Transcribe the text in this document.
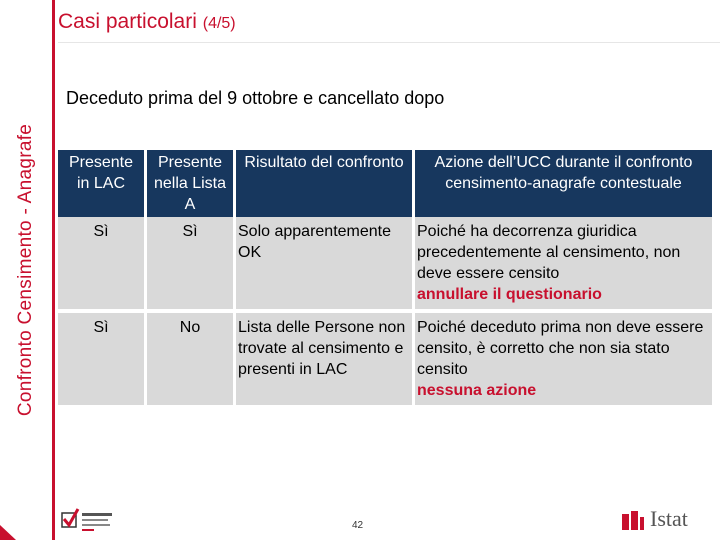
Confronto Censimento - Anagrafe
Casi particolari (4/5)
Deceduto prima del 9 ottobre e cancellato dopo
Presente in LAC	Presente nella Lista A	Risultato del confronto	Azione dell’UCC durante il confronto censimento-anagrafe contestuale
Sì	Sì	Solo apparentemente OK	Poiché ha decorrenza giuridica precedentemente al censimento, non deve essere censito
annullare il questionario
Sì	No	Lista delle Persone non trovate al censimento e presenti in LAC	Poiché deceduto prima non deve essere censito, è corretto che non sia stato censito
nessuna azione
42	Istat
